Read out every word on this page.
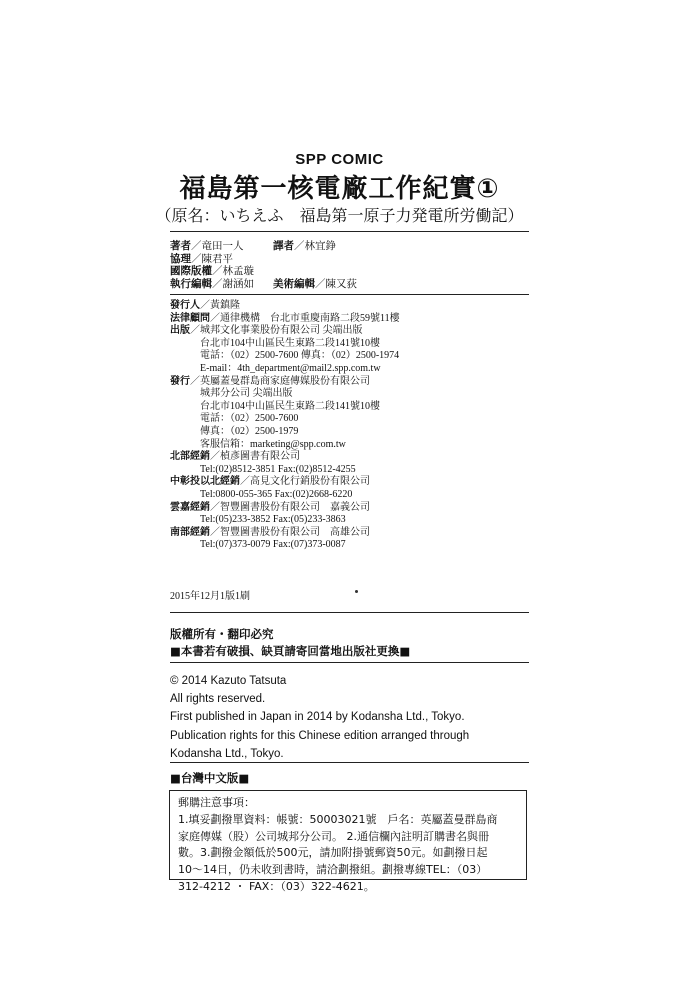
SPP COMIC
福島第一核電廠工作紀實①
（原名：いちえふ　福島第一原子力発電所労働記）
著者／竜田一人
協理／陳君平
國際版權／林孟璇
執行編輯／謝涵如
譯者／林宜錚
美術編輯／陳又荻
發行人／黃鎮隆
法律顧問／通律機構　台北市重慶南路二段59號11樓
出版／城邦文化事業股份有限公司 尖端出版
台北市104中山區民生東路二段141號10樓
電話：（02）2500-7600 傳真：（02）2500-1974
E-mail：4th_department@mail2.spp.com.tw
發行／英屬蓋曼群島商家庭傳媒股份有限公司
城邦分公司 尖端出版
台北市104中山區民生東路二段141號10樓
電話：（02）2500-7600
傳真：（02）2500-1979
客服信箱：marketing@spp.com.tw
北部經銷／楨彥圖書有限公司
Tel:(02)8512-3851 Fax:(02)8512-4255
中彰投以北經銷／高見文化行銷股份有限公司
Tel:0800-055-365 Fax:(02)2668-6220
雲嘉經銷／智豐圖書股份有限公司　嘉義公司
Tel:(05)233-3852 Fax:(05)233-3863
南部經銷／智豐圖書股份有限公司　高雄公司
Tel:(07)373-0079 Fax:(07)373-0087
2015年12月1版1刷
版權所有・翻印必究
■本書若有破損、缺頁請寄回當地出版社更換■
© 2014 Kazuto Tatsuta
All rights reserved.
First published in Japan in 2014 by Kodansha Ltd., Tokyo.
Publication rights for this Chinese edition arranged through
Kodansha Ltd., Tokyo.
■台灣中文版■
郵購注意事項：
1.填妥劃撥單資料：帳號：50003021號　戶名：英屬蓋曼群島商
家庭傳媒（股）公司城邦分公司。 2.通信欄內註明訂購書名與冊
數。3.劃撥金額低於500元，請加附掛號郵資50元。如劃撥日起
10～14日，仍未收到書時，請洽劃撥組。劃撥專線TEL：（03）
312-4212 ・ FAX：（03）322-4621。
